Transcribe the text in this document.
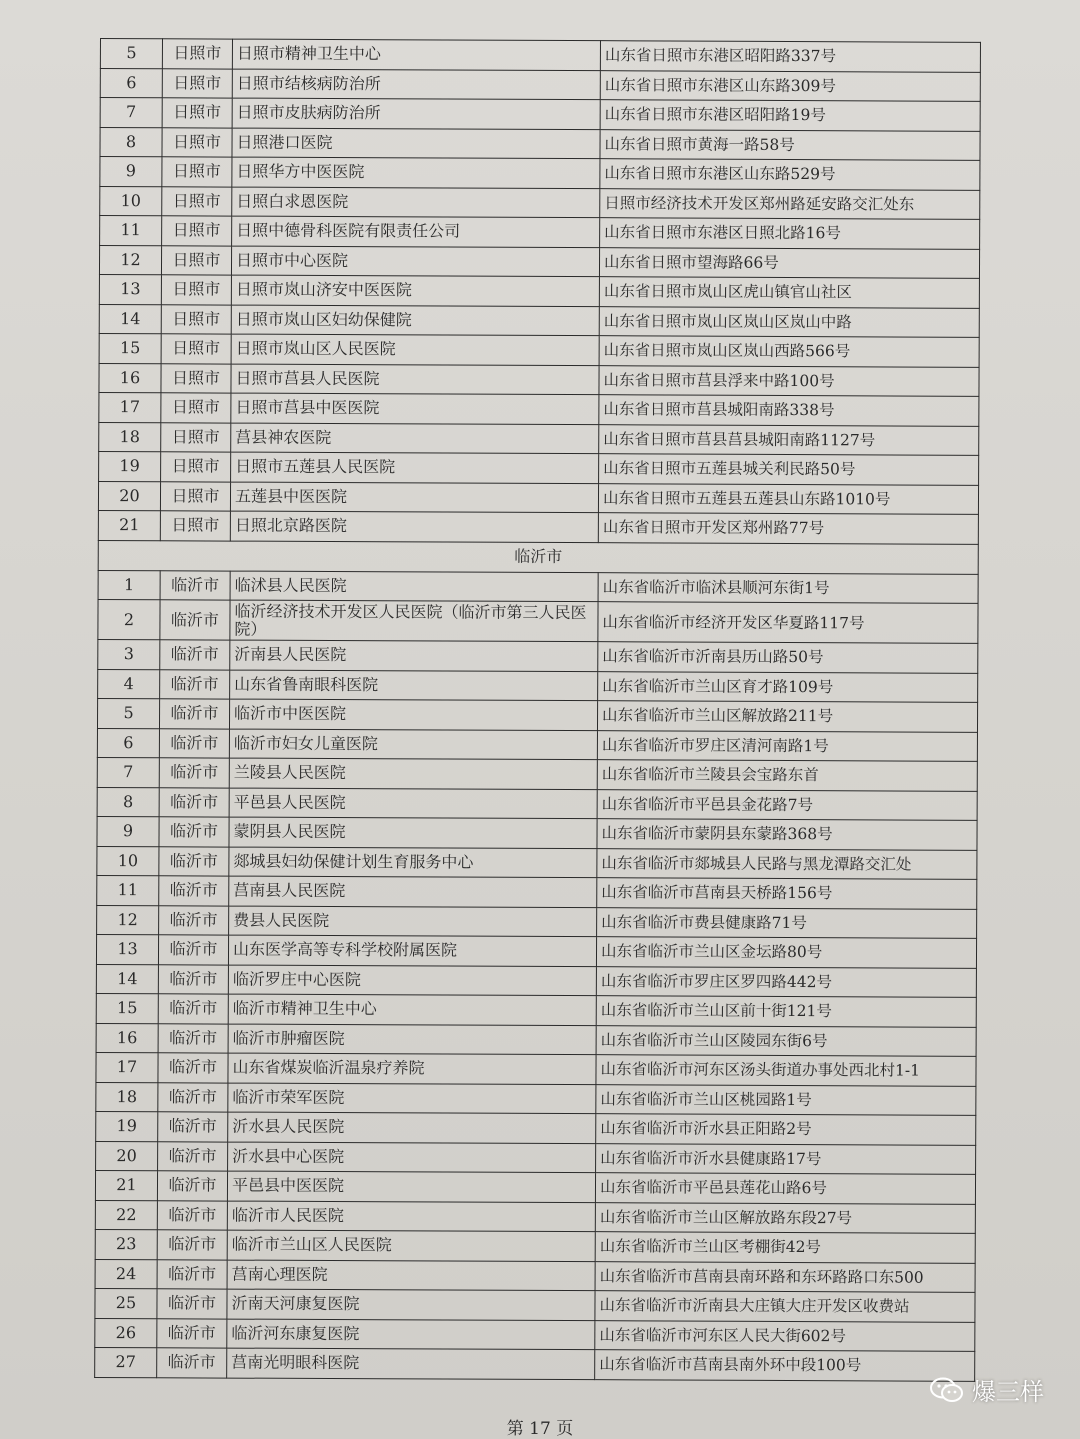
5	日照市	日照市精神卫生中心	山东省日照市东港区昭阳路337号
6	日照市	日照市结核病防治所	山东省日照市东港区山东路309号
7	日照市	日照市皮肤病防治所	山东省日照市东港区昭阳路19号
8	日照市	日照港口医院	山东省日照市黄海一路58号
9	日照市	日照华方中医医院	山东省日照市东港区山东路529号
10	日照市	日照白求恩医院	日照市经济技术开发区郑州路延安路交汇处东
11	日照市	日照中德骨科医院有限责任公司	山东省日照市东港区日照北路16号
12	日照市	日照市中心医院	山东省日照市望海路66号
13	日照市	日照市岚山济安中医医院	山东省日照市岚山区虎山镇官山社区
14	日照市	日照市岚山区妇幼保健院	山东省日照市岚山区岚山区岚山中路
15	日照市	日照市岚山区人民医院	山东省日照市岚山区岚山西路566号
16	日照市	日照市莒县人民医院	山东省日照市莒县浮来中路100号
17	日照市	日照市莒县中医医院	山东省日照市莒县城阳南路338号
18	日照市	莒县神农医院	山东省日照市莒县莒县城阳南路1127号
19	日照市	日照市五莲县人民医院	山东省日照市五莲县城关利民路50号
20	日照市	五莲县中医医院	山东省日照市五莲县五莲县山东路1010号
21	日照市	日照北京路医院	山东省日照市开发区郑州路77号
临沂市			
1	临沂市	临沭县人民医院	山东省临沂市临沭县顺河东街1号
2	临沂市	临沂经济技术开发区人民医院（临沂市第三人民医院）	山东省临沂市经济开发区华夏路117号
3	临沂市	沂南县人民医院	山东省临沂市沂南县历山路50号
4	临沂市	山东省鲁南眼科医院	山东省临沂市兰山区育才路109号
5	临沂市	临沂市中医医院	山东省临沂市兰山区解放路211号
6	临沂市	临沂市妇女儿童医院	山东省临沂市罗庄区清河南路1号
7	临沂市	兰陵县人民医院	山东省临沂市兰陵县会宝路东首
8	临沂市	平邑县人民医院	山东省临沂市平邑县金花路7号
9	临沂市	蒙阴县人民医院	山东省临沂市蒙阴县东蒙路368号
10	临沂市	郯城县妇幼保健计划生育服务中心	山东省临沂市郯城县人民路与黑龙潭路交汇处
11	临沂市	莒南县人民医院	山东省临沂市莒南县天桥路156号
12	临沂市	费县人民医院	山东省临沂市费县健康路71号
13	临沂市	山东医学高等专科学校附属医院	山东省临沂市兰山区金坛路80号
14	临沂市	临沂罗庄中心医院	山东省临沂市罗庄区罗四路442号
15	临沂市	临沂市精神卫生中心	山东省临沂市兰山区前十街121号
16	临沂市	临沂市肿瘤医院	山东省临沂市兰山区陵园东街6号
17	临沂市	山东省煤炭临沂温泉疗养院	山东省临沂市河东区汤头街道办事处西北村1-1
18	临沂市	临沂市荣军医院	山东省临沂市兰山区桃园路1号
19	临沂市	沂水县人民医院	山东省临沂市沂水县正阳路2号
20	临沂市	沂水县中心医院	山东省临沂市沂水县健康路17号
21	临沂市	平邑县中医医院	山东省临沂市平邑县莲花山路6号
22	临沂市	临沂市人民医院	山东省临沂市兰山区解放路东段27号
23	临沂市	临沂市兰山区人民医院	山东省临沂市兰山区考棚街42号
24	临沂市	莒南心理医院	山东省临沂市莒南县南环路和东环路路口东500
25	临沂市	沂南天河康复医院	山东省临沂市沂南县大庄镇大庄开发区收费站
26	临沂市	临沂河东康复医院	山东省临沂市河东区人民大街602号
27	临沂市	莒南光明眼科医院	山东省临沂市莒南县南外环中段100号
第 17 页
爆三样
